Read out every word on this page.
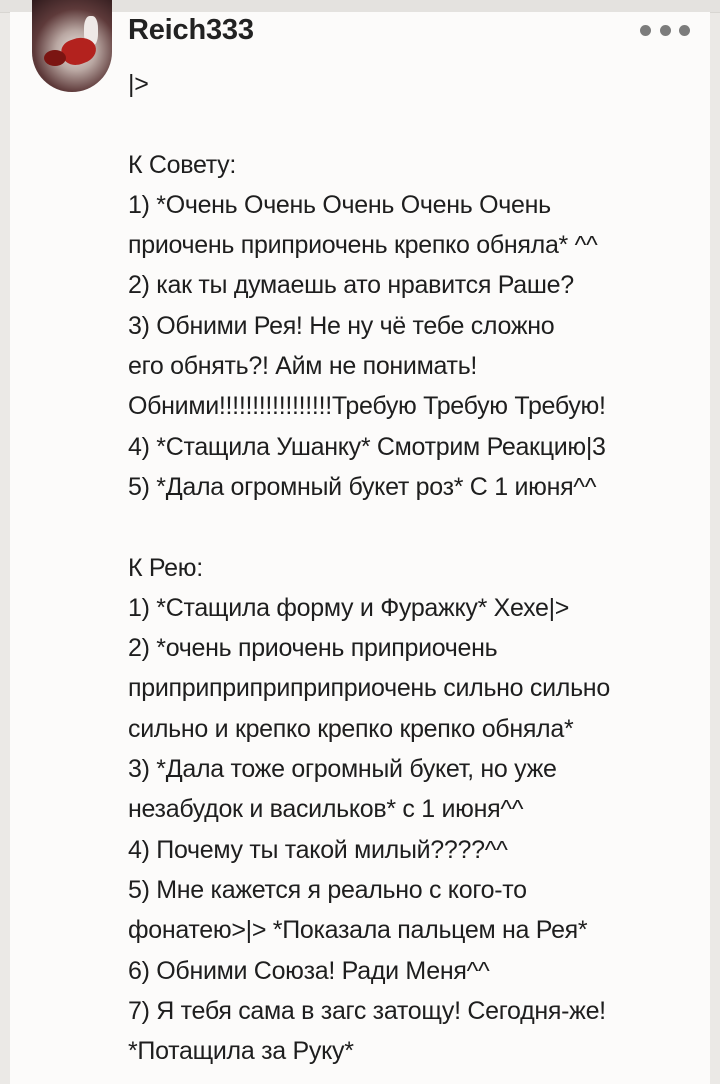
Reich333
|>
К Совету:
1) *Очень Очень Очень Очень Очень
приочень приприочень крепко обняла* ^^
2) как ты думаешь ато нравится Раше?
3) Обними Рея! Не ну чё тебе сложно
его обнять?! Айм не понимать!
Обними!!!!!!!!!!!!!!!!!Требую Требую Требую!
4) *Стащила Ушанку* Смотрим Реакцию|3
5) *Дала огромный букет роз* С 1 июня^^
К Рею:
1) *Стащила форму и Фуражку* Хехе|>
2) *очень приочень приприочень
приприприприприприочень сильно сильно
сильно и крепко крепко крепко обняла*
3) *Дала тоже огромный букет, но уже
незабудок и васильков* с 1 июня^^
4) Почему ты такой милый????^^
5) Мне кажется я реально с кого-то
фонатею>|> *Показала пальцем на Рея*
6) Обними Союза! Ради Меня^^
7) Я тебя сама в загс затощу! Сегодня-же!
*Потащила за Руку*
